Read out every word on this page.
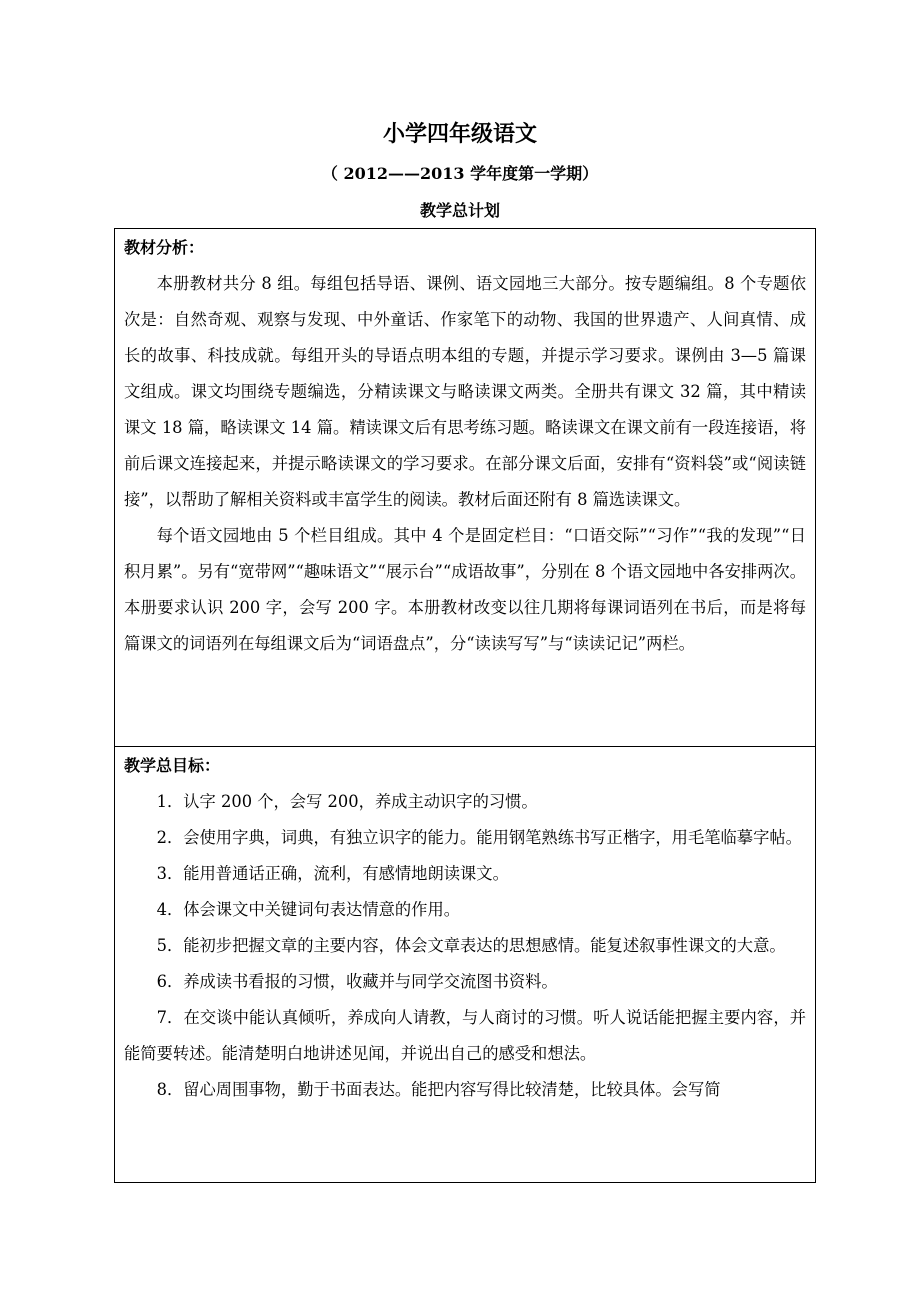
小学四年级语文
（ 2012——2013 学年度第一学期）
教学总计划
教材分析：

本册教材共分 8 组。每组包括导语、课例、语文园地三大部分。按专题编组。8 个专题依次是：自然奇观、观察与发现、中外童话、作家笔下的动物、我国的世界遗产、人间真情、成长的故事、科技成就。每组开头的导语点明本组的专题，并提示学习要求。课例由 3—5 篇课文组成。课文均围绕专题编选，分精读课文与略读课文两类。全册共有课文 32 篇，其中精读课文 18 篇，略读课文 14 篇。精读课文后有思考练习题。略读课文在课文前有一段连接语，将前后课文连接起来，并提示略读课文的学习要求。在部分课文后面，安排有“资料袋”或“阅读链接”，以帮助了解相关资料或丰富学生的阅读。教材后面还附有 8 篇选读课文。

每个语文园地由 5 个栏目组成。其中 4 个是固定栏目：“口语交际”“习作”“我的发现”“日积月累”。另有“宽带网”“趣味语文”“展示台”“成语故事”，分别在 8 个语文园地中各安排两次。本册要求认识 200 字，会写 200 字。本册教材改变以往几期将每课词语列在书后，而是将每篇课文的词语列在每组课文后为“词语盘点”，分“读读写写”与“读读记记”两栏。

教学总目标：
1．认字 200 个，会写 200，养成主动识字的习惯。
2．会使用字典，词典，有独立识字的能力。能用钢笔熟练书写正楷字，用毛笔临摹字帖。
3．能用普通话正确，流利，有感情地朗读课文。
4．体会课文中关键词句表达情意的作用。
5．能初步把握文章的主要内容，体会文章表达的思想感情。能复述叙事性课文的大意。
6．养成读书看报的习惯，收藏并与同学交流图书资料。
7．在交谈中能认真倾听，养成向人请教，与人商讨的习惯。听人说话能把握主要内容，并能简要转述。能清楚明白地讲述见闻，并说出自己的感受和想法。
8．留心周围事物，勤于书面表达。能把内容写得比较清楚，比较具体。会写简
